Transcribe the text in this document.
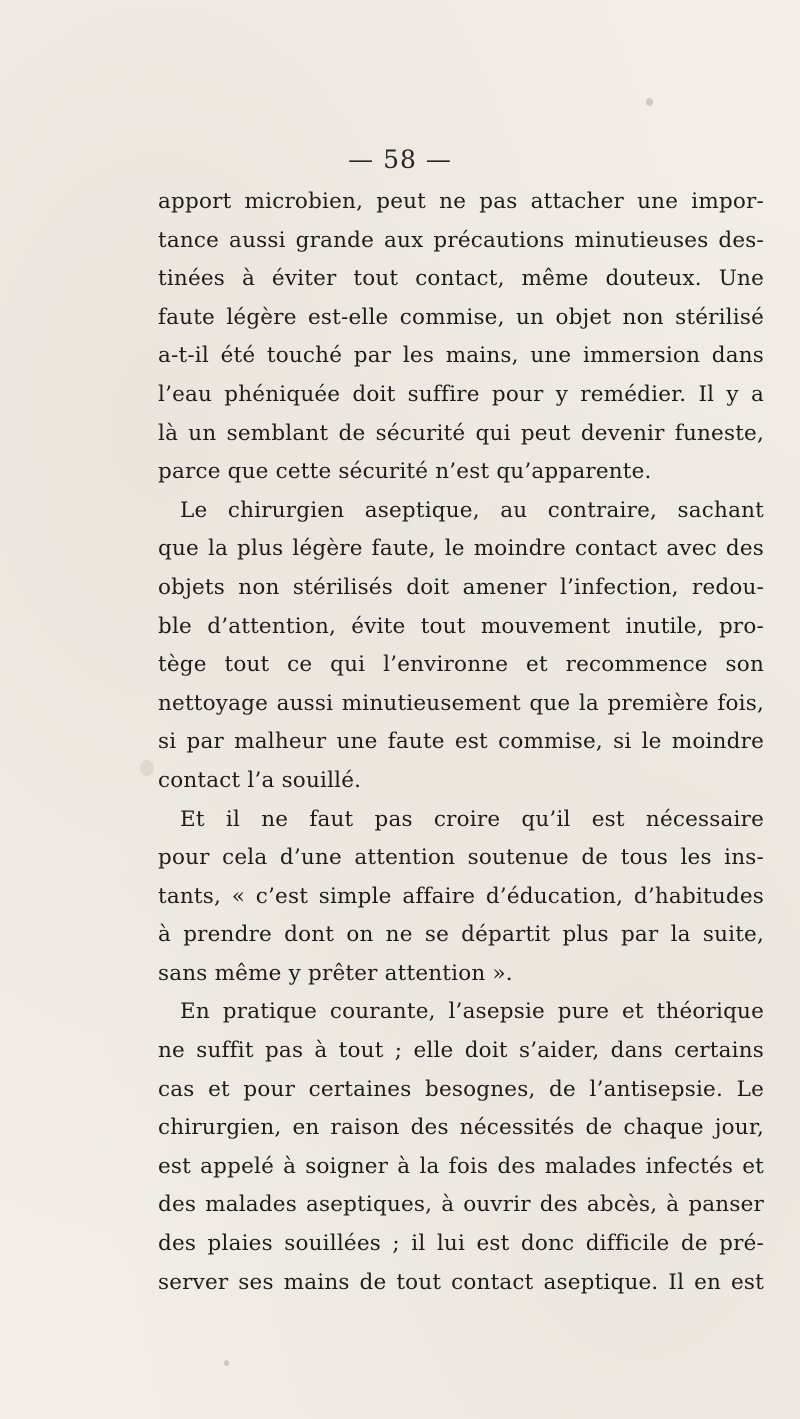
— 58 —
apport microbien, peut ne pas attacher une impor-
tance aussi grande aux précautions minutieuses des-
tinées à éviter tout contact, même douteux. Une
faute légère est-elle commise, un objet non stérilisé
a-t-il été touché par les mains, une immersion dans
l’eau phéniquée doit suffire pour y remédier. Il y a
là un semblant de sécurité qui peut devenir funeste,
parce que cette sécurité n’est qu’apparente.
Le chirurgien aseptique, au contraire, sachant
que la plus légère faute, le moindre contact avec des
objets non stérilisés doit amener l’infection, redou-
ble d’attention, évite tout mouvement inutile, pro-
tège tout ce qui l’environne et recommence son
nettoyage aussi minutieusement que la première fois,
si par malheur une faute est commise, si le moindre
contact l’a souillé.
Et il ne faut pas croire qu’il est nécessaire
pour cela d’une attention soutenue de tous les ins-
tants, « c’est simple affaire d’éducation, d’habitudes
à prendre dont on ne se départit plus par la suite,
sans même y prêter attention ».
En pratique courante, l’asepsie pure et théorique
ne suffit pas à tout ; elle doit s’aider, dans certains
cas et pour certaines besognes, de l’antisepsie. Le
chirurgien, en raison des nécessités de chaque jour,
est appelé à soigner à la fois des malades infectés et
des malades aseptiques, à ouvrir des abcès, à panser
des plaies souillées ; il lui est donc difficile de pré-
server ses mains de tout contact aseptique. Il en est
